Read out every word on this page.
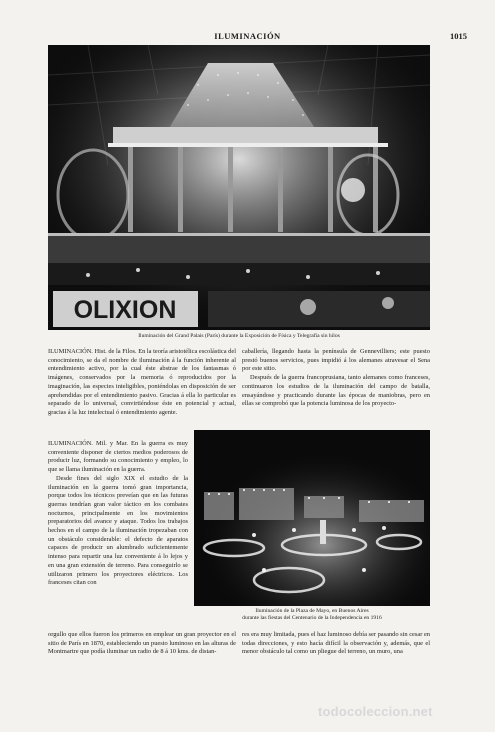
ILUMINACIÓN	1015
OLIXION
Iluminación del Grand Palais (París) durante la Exposición de Física y Telegrafía sin hilos

ILUMINACIÓN. Hist. de la Filos. En la teoría aristotélica escolástica del conocimiento, se da el nombre de iluminación á la función inherente al entendimiento activo, por la cual éste abstrae de los fantasmas ó imágenes, conservados por la memoria ó reproducidos por la imaginación, las especies inteligibles, poniéndolas en disposición de ser aprehendidas por el entendimiento pasivo. Gracias á ella lo particular es separado de lo universal, convirtiéndose éste en potencial y actual, gracias á la luz intelectual ó entendimiento agente.

caballería, llegando hasta la península de Gennevilliers; este puesto prestó buenos servicios, pues impidió á los alemanes atravesar el Sena por este sitio.

Después de la guerra francoprusiana, tanto alemanes como franceses, continuaron los estudios de la iluminación del campo de batalla, ensayándose y practicando durante las épocas de maniobras, pero en ellas se comprobó que la potencia luminosa de los proyecto-

ILUMINACIÓN. Mil. y Mar. En la guerra es muy conveniente disponer de ciertos medios poderosos de producir luz, formando su conocimiento y empleo, lo que se llama iluminación en la guerra.

Desde fines del siglo XIX el estudio de la iluminación en la guerra tomó gran importancia, porque todos los técnicos preveían que en las futuras guerras tendrían gran valor táctico en los combates nocturnos, principalmente en los movimientos preparatorios del avance y ataque. Todos los trabajos hechos en el campo de la iluminación tropezaban con un obstáculo considerable: el defecto de aparatos capaces de producir un alumbrado suficientemente intenso para repartir una luz conveniente á lo lejos y en una gran extensión de terreno. Para conseguirlo se utilizaron primero los proyectores eléctricos. Los franceses citan con

Iluminación de la Plaza de Mayo, en Buenos Aires
durante las fiestas del Centenario de la Independencia en 1916

orgullo que ellos fueron los primeros en emplear un gran proyector en el sitio de París en 1870, estableciendo un puesto luminoso en las alturas de Montmartre que podía iluminar un radio de 8 á 10 kms. de distan-

res era muy limitada, pues el haz luminoso debía ser pasando sin cesar en todas direcciones, y esto hacía difícil la observación y, además, que el menor obstáculo tal como un pliegue del terreno, un muro, una

todocoleccion.net
